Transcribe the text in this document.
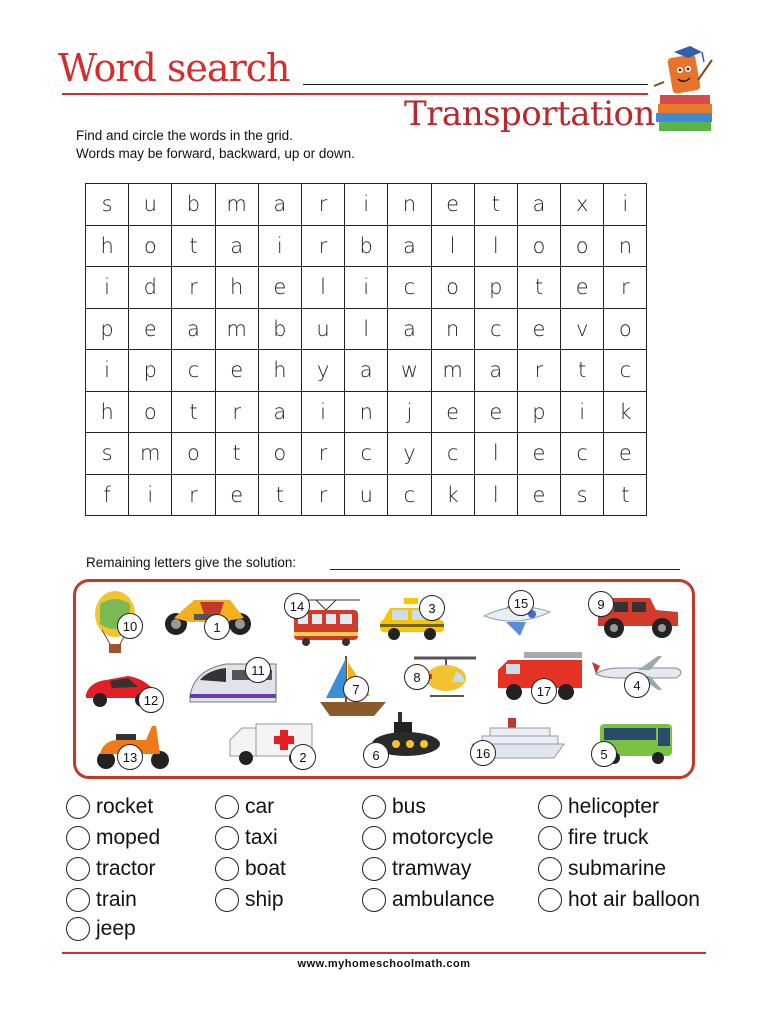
Word search
Transportation
Find and circle the words in the grid.
Words may be forward, backward, up or down.
s	u	b	m	a	r	i	n	e	t	a	x	i
h	o	t	a	i	r	b	a	l	l	o	o	n
i	d	r	h	e	l	i	c	o	p	t	e	r
p	e	a	m	b	u	l	a	n	c	e	v	o
i	p	c	e	h	y	a	w	m	a	r	t	c
h	o	t	r	a	i	n	j	e	e	p	i	k
s	m	o	t	o	r	c	y	c	l	e	c	e
f	i	r	e	t	r	u	c	k	l	e	s	t
Remaining letters give the solution:
10	1
14	3	15	9
12
11
7
8
17	4
13	2	6	16	5
rocket	car	bus	helicopter
moped	taxi	motorcycle	fire truck
tractor	boat	tramway	submarine
train	ship	ambulance	hot air balloon
jeep
www.myhomeschoolmath.com
